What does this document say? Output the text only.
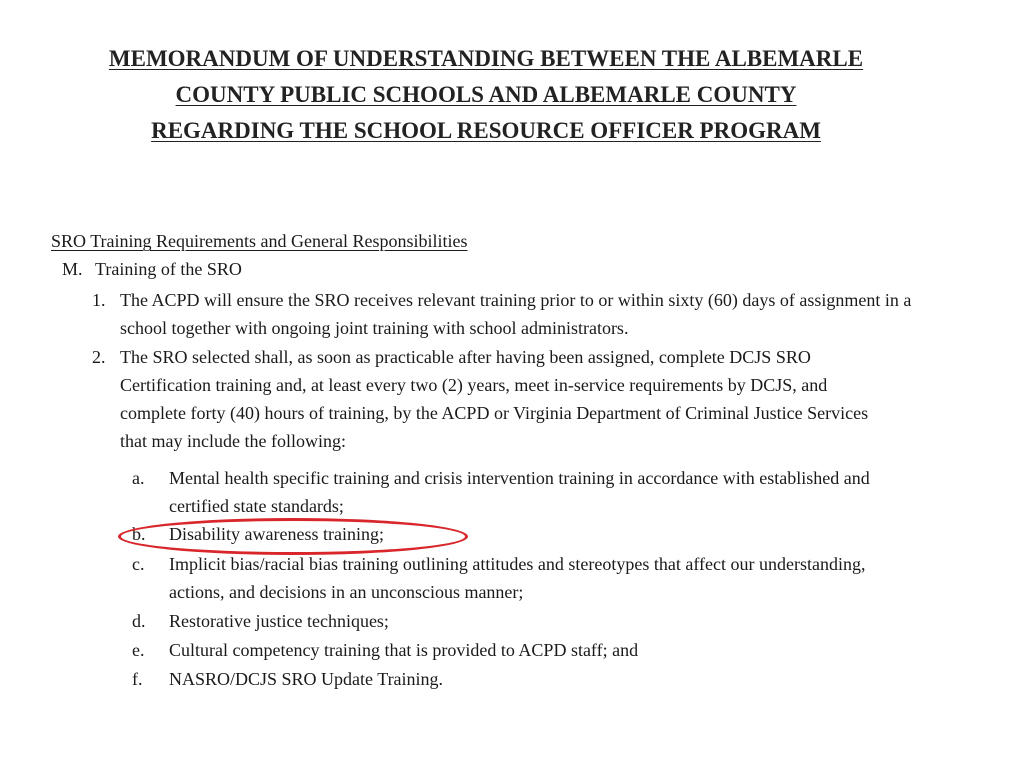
MEMORANDUM OF UNDERSTANDING BETWEEN THE ALBEMARLE
COUNTY PUBLIC SCHOOLS AND ALBEMARLE COUNTY
REGARDING THE SCHOOL RESOURCE OFFICER PROGRAM
SRO Training Requirements and General Responsibilities
M. Training of the SRO
1. The ACPD will ensure the SRO receives relevant training prior to or within sixty (60) days of assignment in a school together with ongoing joint training with school administrators.
2. The SRO selected shall, as soon as practicable after having been assigned, complete DCJS SRO Certification training and, at least every two (2) years, meet in-service requirements by DCJS, and complete forty (40) hours of training, by the ACPD or Virginia Department of Criminal Justice Services that may include the following:
a.	Mental health specific training and crisis intervention training in accordance with established and certified state standards;
b.	Disability awareness training;
c.	Implicit bias/racial bias training outlining attitudes and stereotypes that affect our understanding, actions, and decisions in an unconscious manner;
d.	Restorative justice techniques;
e.	Cultural competency training that is provided to ACPD staff; and
f.	NASRO/DCJS SRO Update Training.
